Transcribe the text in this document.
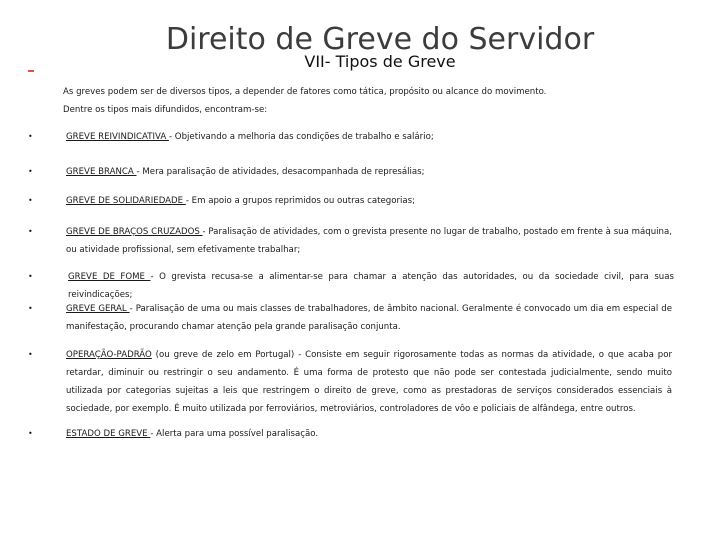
Direito de Greve do Servidor
VII- Tipos de Greve
As greves podem ser de diversos tipos, a depender de fatores como tática, propósito ou alcance do movimento.
Dentre os tipos mais difundidos, encontram-se:
•	GREVE REIVINDICATIVA - Objetivando a melhoria das condições de trabalho e salário;
•	GREVE BRANCA - Mera paralisação de atividades, desacompanhada de represálias;
•	GREVE DE SOLIDARIEDADE - Em apoio a grupos reprimidos ou outras categorias;
•	GREVE DE BRAÇOS CRUZADOS - Paralisação de atividades, com o grevista presente no lugar de trabalho, postado em frente à sua máquina, ou atividade profissional, sem efetivamente trabalhar;
•	GREVE DE FOME - O grevista recusa-se a alimentar-se para chamar a atenção das autoridades, ou da sociedade civil, para suas reivindicações;
•	GREVE GERAL - Paralisação de uma ou mais classes de trabalhadores, de âmbito nacional. Geralmente é convocado um dia em especial de manifestação, procurando chamar atenção pela grande paralisação conjunta.
•	OPERAÇÃO-PADRÃO (ou greve de zelo em Portugal) - Consiste em seguir rigorosamente todas as normas da atividade, o que acaba por retardar, diminuir ou restringir o seu andamento. É uma forma de protesto que não pode ser contestada judicialmente, sendo muito utilizada por categorias sujeitas a leis que restringem o direito de greve, como as prestadoras de serviços considerados essenciais à sociedade, por exemplo. É muito utilizada por ferroviários, metroviários, controladores de vôo e policiais de alfândega, entre outros.
•	ESTADO DE GREVE - Alerta para uma possível paralisação.
